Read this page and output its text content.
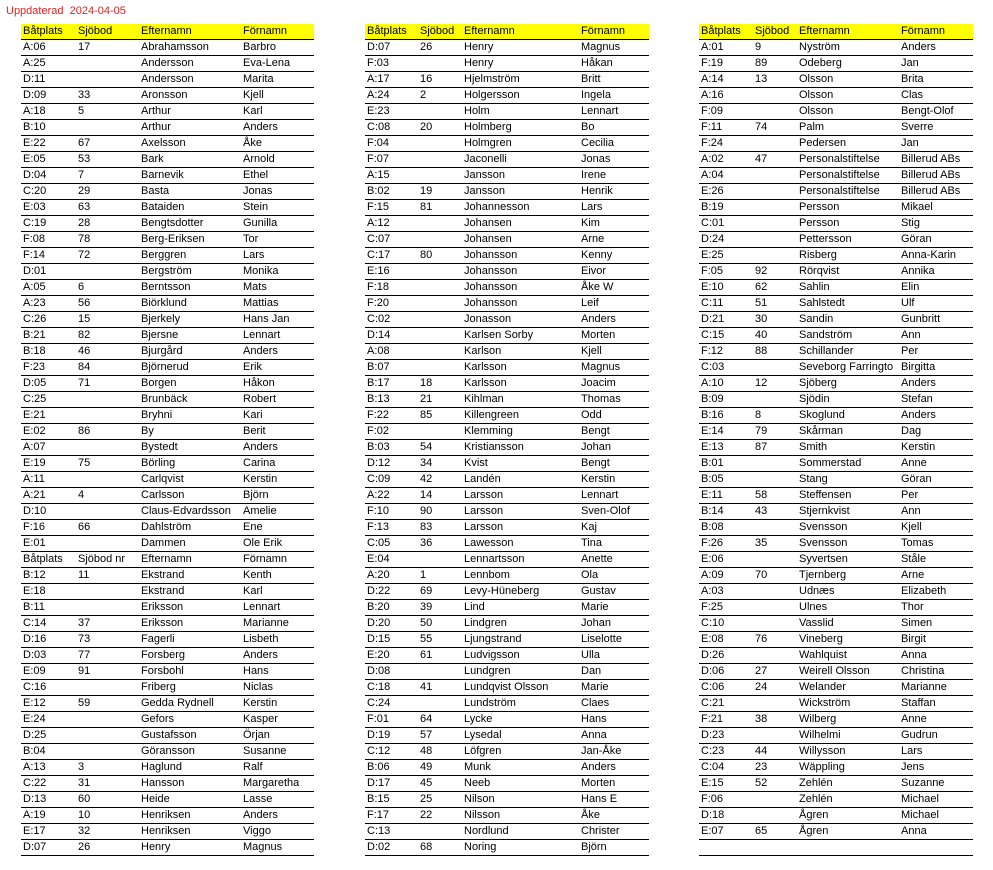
Uppdaterad  2024-04-05
Båtplats	Sjöbod	Efternamn	Förnamn
A:06	17	Abrahamsson	Barbro
A:25		Andersson	Eva-Lena
D:11		Andersson	Marita
D:09	33	Aronsson	Kjell
A:18	5	Arthur	Karl
B:10		Arthur	Anders
E:22	67	Axelsson	Åke
E:05	53	Bark	Arnold
D:04	7	Barnevik	Ethel
C:20	29	Basta	Jonas
E:03	63	Bataiden	Stein
C:19	28	Bengtsdotter	Gunilla
F:08	78	Berg-Eriksen	Tor
F:14	72	Berggren	Lars
D:01		Bergström	Monika
A:05	6	Berntsson	Mats
A:23	56	Biörklund	Mattias
C:26	15	Bjerkely	Hans Jan
B:21	82	Bjersne	Lennart
B:18	46	Bjurgård	Anders
F:23	84	Björnerud	Erik
D:05	71	Borgen	Håkon
C:25		Brunbäck	Robert
E:21		Bryhni	Kari
E:02	86	By	Berit
A:07		Bystedt	Anders
E:19	75	Börling	Carina
A:11		Carlqvist	Kerstin
A:21	4	Carlsson	Björn
D:10		Claus-Edvardsson	Amelie
F:16	66	Dahlström	Ene
E:01		Dammen	Ole Erik
Båtplats	Sjöbod nr	Efternamn	Förnamn
B:12	11	Ekstrand	Kenth
E:18		Ekstrand	Karl
B:11		Eriksson	Lennart
C:14	37	Eriksson	Marianne
D:16	73	Fagerli	Lisbeth
D:03	77	Forsberg	Anders
E:09	91	Forsbohl	Hans
C:16		Friberg	Niclas
E:12	59	Gedda Rydnell	Kerstin
E:24		Gefors	Kasper
D:25		Gustafsson	Örjan
B:04		Göransson	Susanne
A:13	3	Haglund	Ralf
C:22	31	Hansson	Margaretha
D:13	60	Heide	Lasse
A:19	10	Henriksen	Anders
E:17	32	Henriksen	Viggo
D:07	26	Henry	Magnus
Båtplats	Sjöbod	Efternamn	Förnamn
D:07	26	Henry	Magnus
F:03		Henry	Håkan
A:17	16	Hjelmström	Britt
A:24	2	Holgersson	Ingela
E:23		Holm	Lennart
C:08	20	Holmberg	Bo
F:04		Holmgren	Cecilia
F:07		Jaconelli	Jonas
A:15		Jansson	Irene
B:02	19	Jansson	Henrik
F:15	81	Johannesson	Lars
A:12		Johansen	Kim
C:07		Johansen	Arne
C:17	80	Johansson	Kenny
E:16		Johansson	Eivor
F:18		Johansson	Åke W
F:20		Johansson	Leif
C:02		Jonasson	Anders
D:14		Karlsen Sorby	Morten
A:08		Karlson	Kjell
B:07		Karlsson	Magnus
B:17	18	Karlsson	Joacim
B:13	21	Kihlman	Thomas
F:22	85	Killengreen	Odd
F:02		Klemming	Bengt
B:03	54	Kristiansson	Johan
D:12	34	Kvist	Bengt
C:09	42	Landén	Kerstin
A:22	14	Larsson	Lennart
F:10	90	Larsson	Sven-Olof
F:13	83	Larsson	Kaj
C:05	36	Lawesson	Tina
E:04		Lennartsson	Anette
A:20	1	Lennbom	Ola
D:22	69	Levy-Hüneberg	Gustav
B:20	39	Lind	Marie
D:20	50	Lindgren	Johan
D:15	55	Ljungstrand	Liselotte
E:20	61	Ludvigsson	Ulla
D:08		Lundgren	Dan
C:18	41	Lundqvist Olsson	Marie
C:24		Lundström	Claes
F:01	64	Lycke	Hans
D:19	57	Lysedal	Anna
C:12	48	Löfgren	Jan-Åke
B:06	49	Munk	Anders
D:17	45	Neeb	Morten
B:15	25	Nilson	Hans E
F:17	22	Nilsson	Åke
C:13		Nordlund	Christer
D:02	68	Noring	Björn
Båtplats	Sjöbod	Efternamn	Förnamn
A:01	9	Nyström	Anders
F:19	89	Odeberg	Jan
A:14	13	Olsson	Brita
A:16		Olsson	Clas
F:09		Olsson	Bengt-Olof
F:11	74	Palm	Sverre
F:24		Pedersen	Jan
A:02	47	Personalstiftelse	Billerud ABs
A:04		Personalstiftelse	Billerud ABs
E:26		Personalstiftelse	Billerud ABs
B:19		Persson	Mikael
C:01		Persson	Stig
D:24		Pettersson	Göran
E:25		Risberg	Anna-Karin
F:05	92	Rörqvist	Annika
E:10	62	Sahlin	Elin
C:11	51	Sahlstedt	Ulf
D:21	30	Sandin	Gunbritt
C:15	40	Sandström	Ann
F:12	88	Schillander	Per
C:03		Seveborg Farringto	Birgitta
A:10	12	Sjöberg	Anders
B:09		Sjödin	Stefan
B:16	8	Skoglund	Anders
E:14	79	Skårman	Dag
E:13	87	Smith	Kerstin
B:01		Sommerstad	Anne
B:05		Stang	Göran
E:11	58	Steffensen	Per
B:14	43	Stjernkvist	Ann
B:08		Svensson	Kjell
F:26	35	Svensson	Tomas
E:06		Syvertsen	Ståle
A:09	70	Tjernberg	Arne
A:03		Udnæs	Elizabeth
F:25		Ulnes	Thor
C:10		Vasslid	Simen
E:08	76	Vineberg	Birgit
D:26		Wahlquist	Anna
D:06	27	Weirell Olsson	Christina
C:06	24	Welander	Marianne
C:21		Wickström	Staffan
F:21	38	Wilberg	Anne
D:23		Wilhelmi	Gudrun
C:23	44	Willysson	Lars
C:04	23	Wäppling	Jens
E:15	52	Zehlén	Suzanne
F:06		Zehlén	Michael
D:18		Ågren	Michael
E:07	65	Ågren	Anna
